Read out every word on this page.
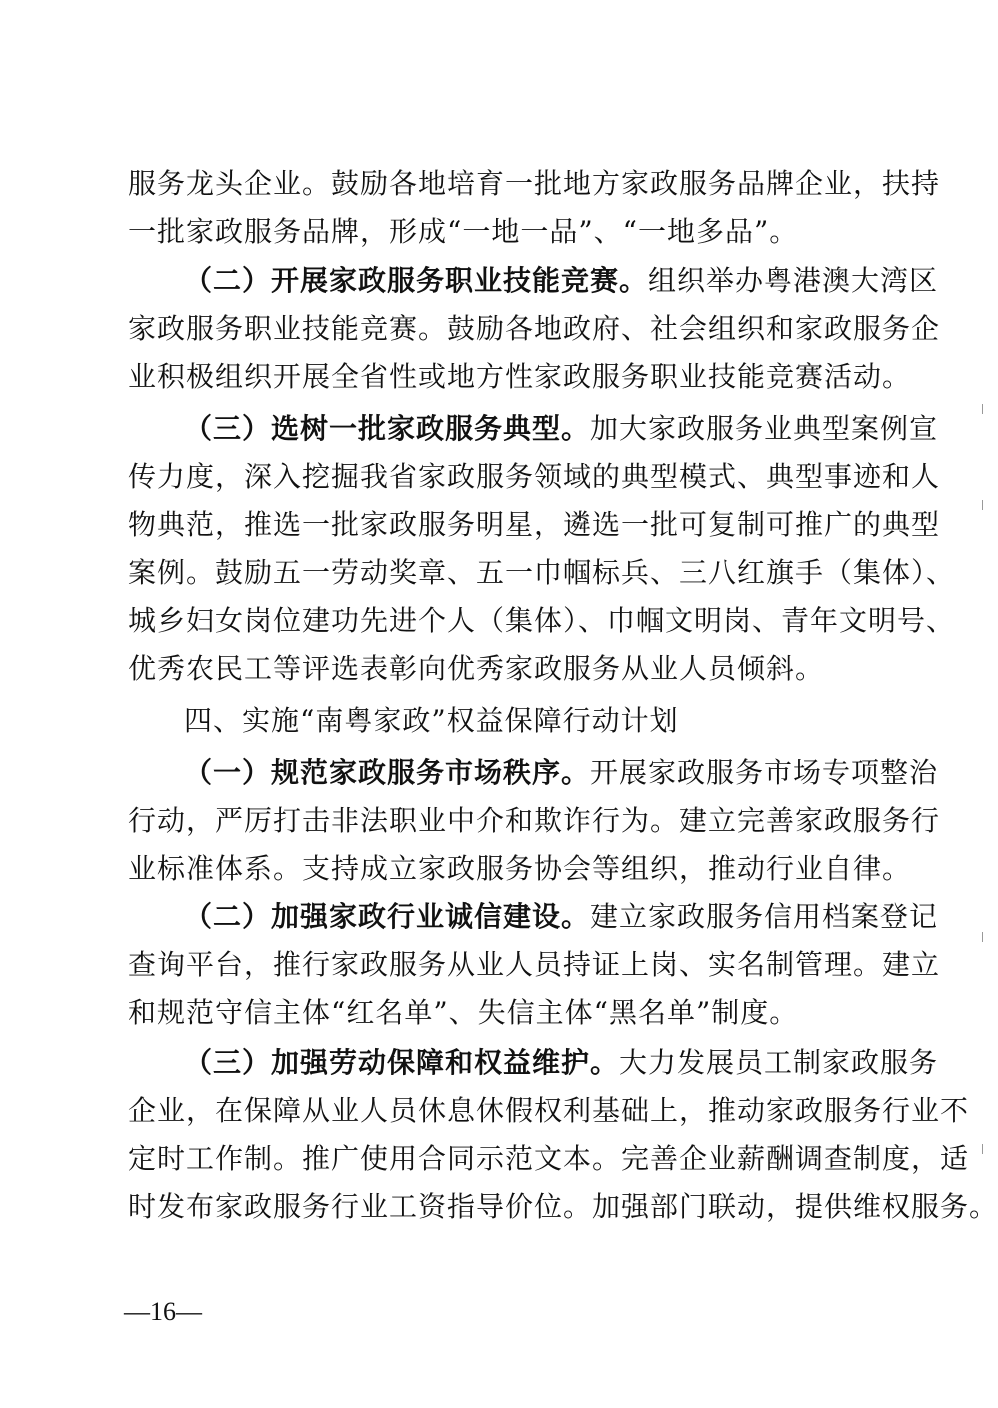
服务龙头企业。鼓励各地培育一批地方家政服务品牌企业，扶持
一批家政服务品牌，形成“一地一品”、“一地多品”。
（二）开展家政服务职业技能竞赛。组织举办粤港澳大湾区
家政服务职业技能竞赛。鼓励各地政府、社会组织和家政服务企
业积极组织开展全省性或地方性家政服务职业技能竞赛活动。
（三）选树一批家政服务典型。加大家政服务业典型案例宣
传力度，深入挖掘我省家政服务领域的典型模式、典型事迹和人
物典范，推选一批家政服务明星，遴选一批可复制可推广的典型
案例。鼓励五一劳动奖章、五一巾帼标兵、三八红旗手（集体）、
城乡妇女岗位建功先进个人（集体）、巾帼文明岗、青年文明号、
优秀农民工等评选表彰向优秀家政服务从业人员倾斜。
四、实施“南粤家政”权益保障行动计划
（一）规范家政服务市场秩序。开展家政服务市场专项整治
行动，严厉打击非法职业中介和欺诈行为。建立完善家政服务行
业标准体系。支持成立家政服务协会等组织，推动行业自律。
（二）加强家政行业诚信建设。建立家政服务信用档案登记
查询平台，推行家政服务从业人员持证上岗、实名制管理。建立
和规范守信主体“红名单”、失信主体“黑名单”制度。
（三）加强劳动保障和权益维护。大力发展员工制家政服务
企业，在保障从业人员休息休假权利基础上，推动家政服务行业不
定时工作制。推广使用合同示范文本。完善企业薪酬调查制度，适
时发布家政服务行业工资指导价位。加强部门联动，提供维权服务。
—16—
